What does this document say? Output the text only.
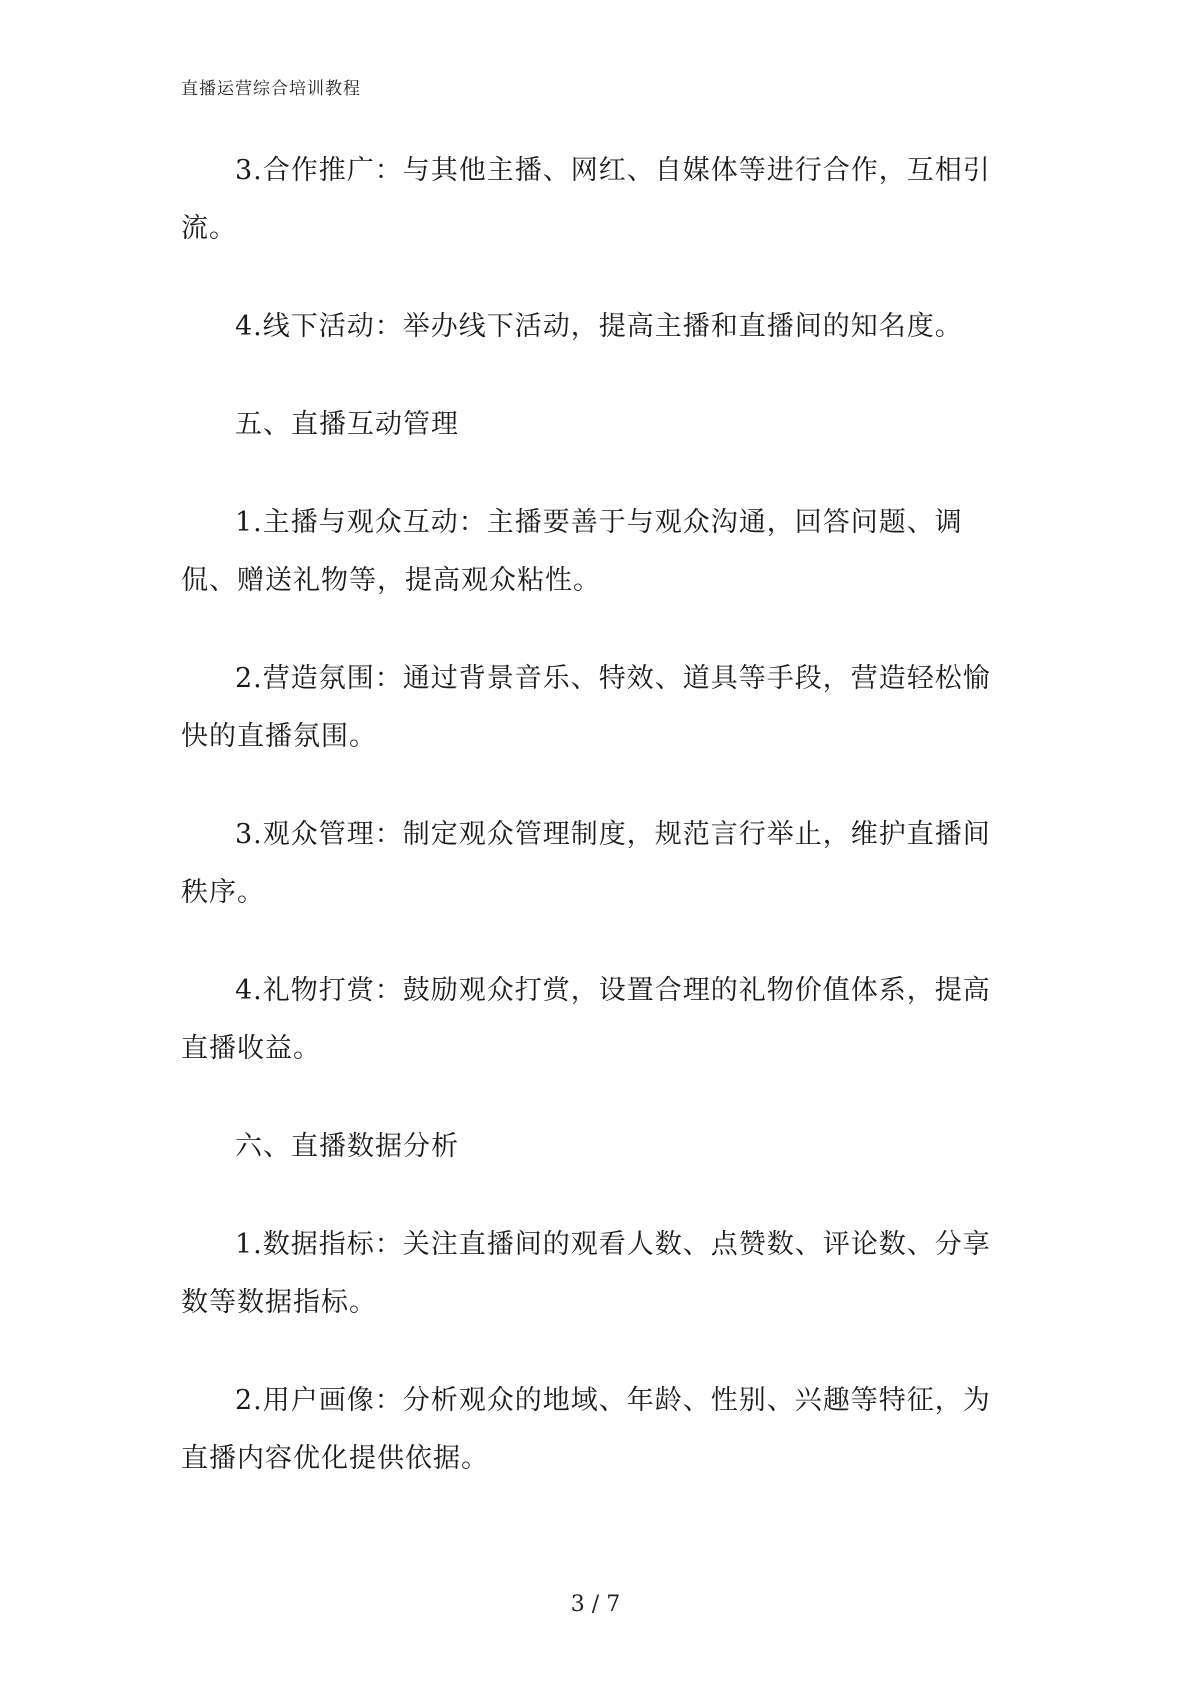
直播运营综合培训教程

3.合作推广：与其他主播、网红、自媒体等进行合作，互相引流。

4.线下活动：举办线下活动，提高主播和直播间的知名度。

五、直播互动管理

1.主播与观众互动：主播要善于与观众沟通，回答问题、调侃、赠送礼物等，提高观众粘性。

2.营造氛围：通过背景音乐、特效、道具等手段，营造轻松愉快的直播氛围。

3.观众管理：制定观众管理制度，规范言行举止，维护直播间秩序。

4.礼物打赏：鼓励观众打赏，设置合理的礼物价值体系，提高直播收益。

六、直播数据分析

1.数据指标：关注直播间的观看人数、点赞数、评论数、分享数等数据指标。

2.用户画像：分析观众的地域、年龄、性别、兴趣等特征，为直播内容优化提供依据。

3 / 7
